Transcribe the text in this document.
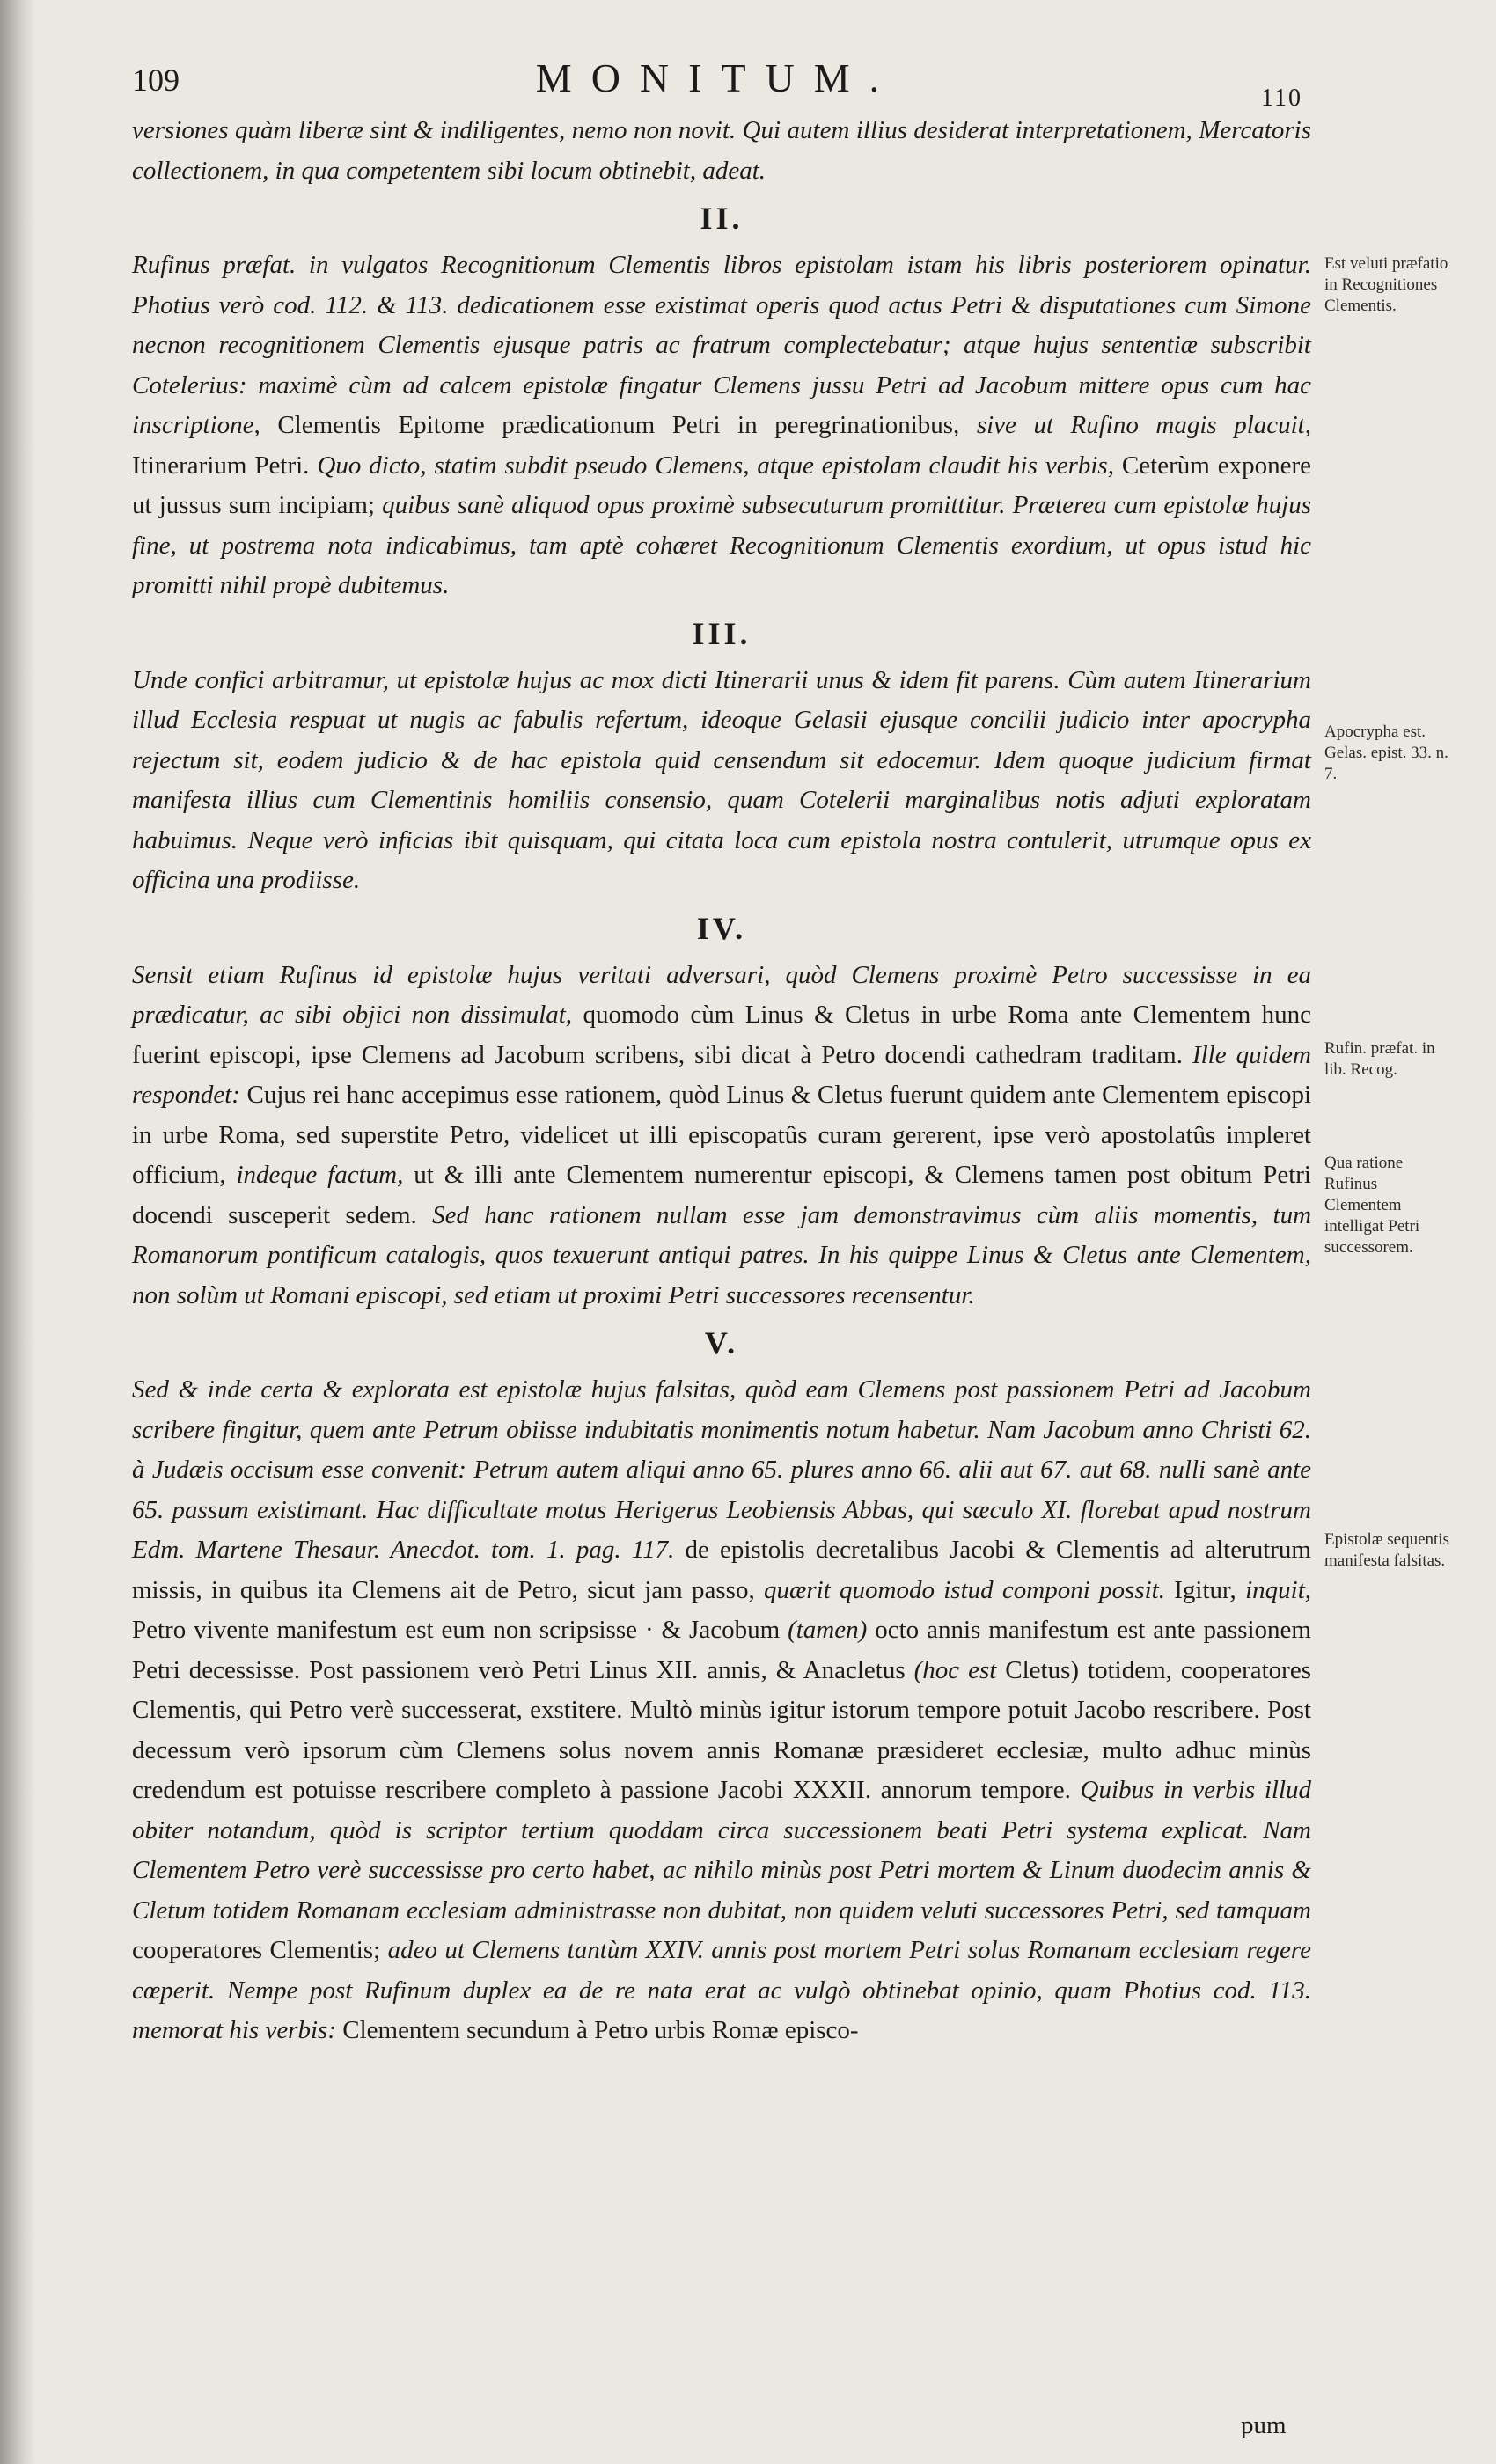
109	MONITUM.	110

versiones quàm liberæ sint & indiligentes, nemo non novit. Qui autem illius desiderat interpretationem, Mercatoris collectionem, in qua competentem sibi locum obtinebit, adeat.

II.

Rufinus præfat. in vulgatos Recognitionum Clementis libros epistolam istam his libris posteriorem opinatur. Photius verò cod. 112. & 113. dedicationem esse existimat operis quod actus Petri & disputationes cum Simone necnon recognitionem Clementis ejusque patris ac fratrum complectebatur; atque hujus sententiæ subscribit Cotelerius: maximè cùm ad calcem epistolæ fingatur Clemens jussu Petri ad Jacobum mittere opus cum hac inscriptione, Clementis Epitome prædicationum Petri in peregrinationibus, sive ut Rufino magis placuit, Itinerarium Petri. Quo dicto, statim subdit pseudo Clemens, atque epistolam claudit his verbis, Ceterùm exponere ut jussus sum incipiam; quibus sanè aliquod opus proximè subsecuturum promittitur. Præterea cum epistolæ hujus fine, ut postrema nota indicabimus, tam aptè cohæret Recognitionum Clementis exordium, ut opus istud hic promitti nihil propè dubitemus.

III.

Unde confici arbitramur, ut epistolæ hujus ac mox dicti Itinerarii unus & idem fit parens. Cùm autem Itinerarium illud Ecclesia respuat ut nugis ac fabulis refertum, ideoque Gelasii ejusque concilii judicio inter apocrypha rejectum sit, eodem judicio & de hac epistola quid censendum sit edocemur. Idem quoque judicium firmat manifesta illius cum Clementinis homiliis consensio, quam Cotelerii marginalibus notis adjuti exploratam habuimus. Neque verò inficias ibit quisquam, qui citata loca cum epistola nostra contulerit, utrumque opus ex officina una prodiisse.

IV.

Sensit etiam Rufinus id epistolæ hujus veritati adversari, quòd Clemens proximè Petro successisse in ea prædicatur, ac sibi objici non dissimulat, quomodo cùm Linus & Cletus in urbe Roma ante Clementem hunc fuerint episcopi, ipse Clemens ad Jacobum scribens, sibi dicat à Petro docendi cathedram traditam. Ille quidem respondet: Cujus rei hanc accepimus esse rationem, quòd Linus & Cletus fuerunt quidem ante Clementem episcopi in urbe Roma, sed superstite Petro, videlicet ut illi episcopatûs curam gererent, ipse verò apostolatûs impleret officium, indeque factum, ut & illi ante Clementem numerentur episcopi, & Clemens tamen post obitum Petri docendi susceperit sedem. Sed hanc rationem nullam esse jam demonstravimus cùm aliis momentis, tum Romanorum pontificum catalogis, quos texuerunt antiqui patres. In his quippe Linus & Cletus ante Clementem, non solùm ut Romani episcopi, sed etiam ut proximi Petri successores recensentur.

V.

Sed & inde certa & explorata est epistolæ hujus falsitas, quòd eam Clemens post passionem Petri ad Jacobum scribere fingitur, quem ante Petrum obiisse indubitatis monimentis notum habetur. Nam Jacobum anno Christi 62. à Judæis occisum esse convenit: Petrum autem aliqui anno 65. plures anno 66. alii aut 67. aut 68. nulli sanè ante 65. passum existimant. Hac difficultate motus Herigerus Leobiensis Abbas, qui sæculo XI. florebat apud nostrum Edm. Martene Thesaur. Anecdot. tom. 1. pag. 117. de epistolis decretalibus Jacobi & Clementis ad alterutrum missis, in quibus ita Clemens ait de Petro, sicut jam passo, quærit quomodo istud componi possit. Igitur, inquit, Petro vivente manifestum est eum non scripsisse · & Jacobum (tamen) octo annis manifestum est ante passionem Petri decessisse. Post passionem verò Petri Linus XII. annis, & Anacletus (hoc est Cletus) totidem, cooperatores Clementis, qui Petro verè successerat, exstitere. Multò minùs igitur istorum tempore potuit Jacobo rescribere. Post decessum verò ipsorum cùm Clemens solus novem annis Romanæ præsideret ecclesiæ, multo adhuc minùs credendum est potuisse rescribere completo à passione Jacobi XXXII. annorum tempore. Quibus in verbis illud obiter notandum, quòd is scriptor tertium quoddam circa successionem beati Petri systema explicat. Nam Clementem Petro verè successisse pro certo habet, ac nihilo minùs post Petri mortem & Linum duodecim annis & Cletum totidem Romanam ecclesiam administrasse non dubitat, non quidem veluti successores Petri, sed tamquam cooperatores Clementis; adeo ut Clemens tantùm XXIV. annis post mortem Petri solus Romanam ecclesiam regere cœperit. Nempe post Rufinum duplex ea de re nata erat ac vulgò obtinebat opinio, quam Photius cod. 113. memorat his verbis: Clementem secundum à Petro urbis Romæ episco-

Est veluti præfatio in Recognitiones Clementis.
Apocrypha est. Gelas. epist. 33. n. 7.
Rufin. præfat. in lib. Recog.
Qua ratione Rufinus Clementem intelligat Petri successorem.
Epistolæ sequentis manifesta falsitas.
pum
